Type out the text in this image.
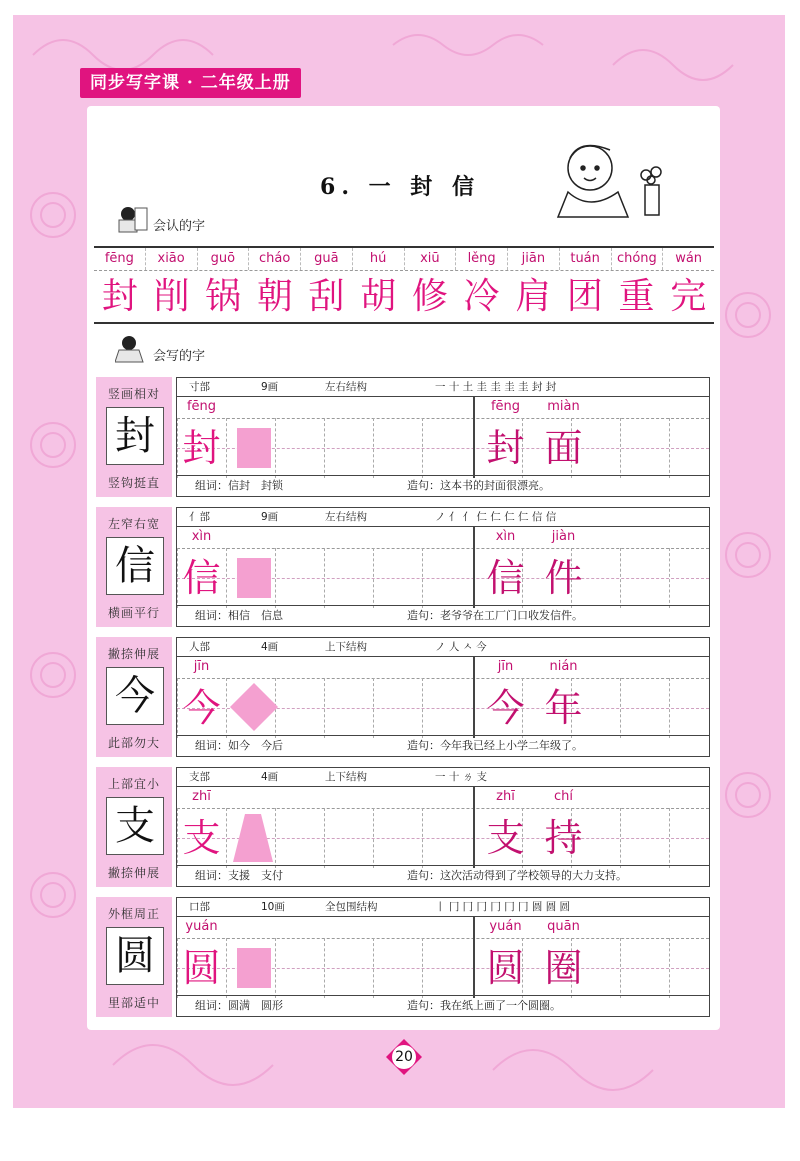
同步写字课 · 二年级上册
6. 一 封 信
会认的字
fēng	xiāo	guō	cháo	guā	hú	xiū	lěng	jiān	tuán	chóng	wán
封 削 锅 朝 刮 胡 修 冷 肩 团 重 完
会写的字
竖画相对
封
竖钩挺直
寸部	9画	左右结构	一 十 土 圭 圭 圭 圭 封 封
fēng	fēng	miàn
封	封 面
组词：信封　封锁	造句：这本书的封面很漂亮。
左窄右宽
信
横画平行
亻部	9画	左右结构	ノ 亻 亻 仁 仁 仁 仁 信 信
xìn	xìn	jiàn
信	信 件
组词：相信　信息	造句：老爷爷在工厂门口收发信件。
撇捺伸展
今
此部勿大
人部	4画	上下结构	ノ 人 ㅅ 今
jīn	jīn	nián
今	今 年
组词：如今　今后	造句：今年我已经上小学二年级了。
上部宜小
支
撇捺伸展
支部	4画	上下结构	一 十 ㄌ 支
zhī	zhī	chí
支	支 持
组词：支援　支付	造句：这次活动得到了学校领导的大力支持。
外框周正
圆
里部适中
口部	10画	全包围结构	丨 冂 冂 冂 冂 冂 冂 圆 圆 圆
yuán	yuán	quān
圆	圆 圈
组词：圆满　圆形	造句：我在纸上画了一个圆圈。
20
